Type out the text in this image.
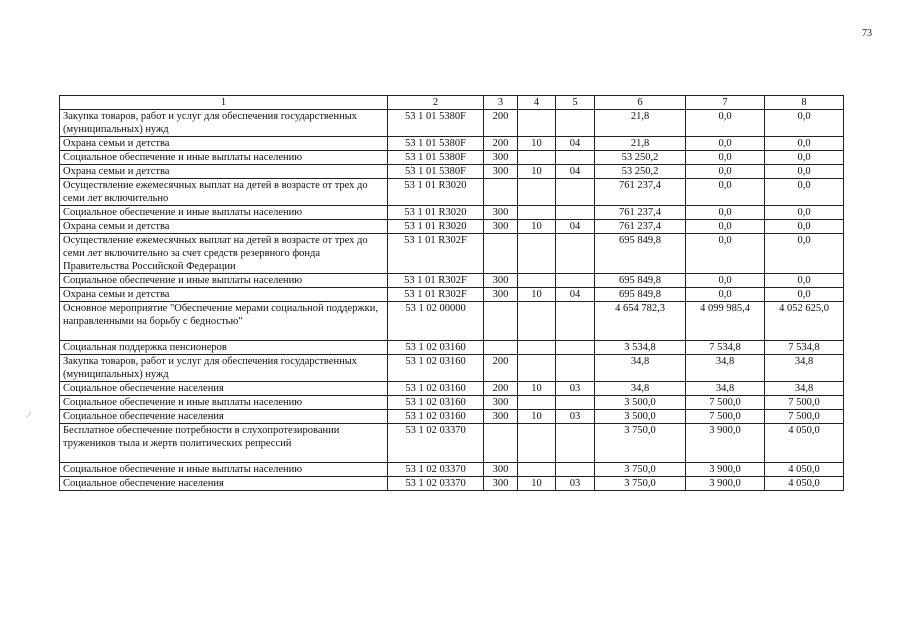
73
1	2	3	4	5	6	7	8
Закупка товаров, работ и услуг для обеспечения государственных (муниципальных) нужд	53 1 01 5380F	200			21,8	0,0	0,0
Охрана семьи и детства	53 1 01 5380F	200	10	04	21,8	0,0	0,0
Социальное обеспечение и иные выплаты населению	53 1 01 5380F	300			53 250,2	0,0	0,0
Охрана семьи и детства	53 1 01 5380F	300	10	04	53 250,2	0,0	0,0
Осуществление ежемесячных выплат на детей в возрасте от трех до семи лет включительно	53 1 01 R3020				761 237,4	0,0	0,0
Социальное обеспечение и иные выплаты населению	53 1 01 R3020	300			761 237,4	0,0	0,0
Охрана семьи и детства	53 1 01 R3020	300	10	04	761 237,4	0,0	0,0
Осуществление ежемесячных выплат на детей в возрасте от трех до семи лет включительно за счет средств резервного фонда Правительства Российской Федерации	53 1 01 R302F				695 849,8	0,0	0,0
Социальное обеспечение и иные выплаты населению	53 1 01 R302F	300			695 849,8	0,0	0,0
Охрана семьи и детства	53 1 01 R302F	300	10	04	695 849,8	0,0	0,0
Основное мероприятие "Обеспечение мерами социальной поддержки, направленными на борьбу с бедностью"	53 1 02 00000				4 654 782,3	4 099 985,4	4 052 625,0
Социальная поддержка пенсионеров	53 1 02 03160				3 534,8	7 534,8	7 534,8
Закупка товаров, работ и услуг для обеспечения государственных (муниципальных) нужд	53 1 02 03160	200			34,8	34,8	34,8
Социальное обеспечение населения	53 1 02 03160	200	10	03	34,8	34,8	34,8
Социальное обеспечение и иные выплаты населению	53 1 02 03160	300			3 500,0	7 500,0	7 500,0
Социальное обеспечение населения	53 1 02 03160	300	10	03	3 500,0	7 500,0	7 500,0
Бесплатное обеспечение потребности в слухопротезировании тружеников тыла и жертв политических репрессий	53 1 02 03370				3 750,0	3 900,0	4 050,0
Социальное обеспечение и иные выплаты населению	53 1 02 03370	300			3 750,0	3 900,0	4 050,0
Социальное обеспечение населения	53 1 02 03370	300	10	03	3 750,0	3 900,0	4 050,0
⁄
